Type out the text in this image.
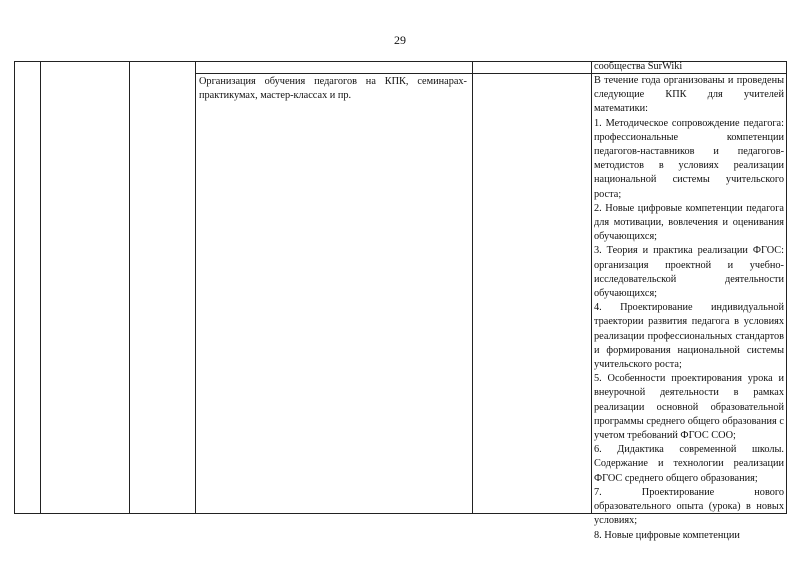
29

сообщества SurWiki

Организация обучения педагогов на КПК, семинарах-практикумах, мастер-классах и пр.

В течение года организованы и проведены следующие КПК для учителей математики:

1. Методическое сопровождение педагога: профессиональные компетенции педагогов-наставников и педагогов-методистов в условиях реализации национальной системы учительского роста;

2. Новые цифровые компетенции педагога для мотивации, вовлечения и оценивания обучающихся;

3. Теория и практика реализации ФГОС: организация проектной и учебно-исследовательской деятельности обучающихся;

4. Проектирование индивидуальной траектории развития педагога в условиях реализации профессиональных стандартов и формирования национальной системы учительского роста;

5. Особенности проектирования урока и внеурочной деятельности в рамках реализации основной образовательной программы среднего общего образования с учетом требований ФГОС СОО;

6. Дидактика современной школы. Содержание и технологии реализации ФГОС среднего общего образования;

7. Проектирование нового образовательного опыта (урока) в новых условиях;

8. Новые цифровые компетенции
